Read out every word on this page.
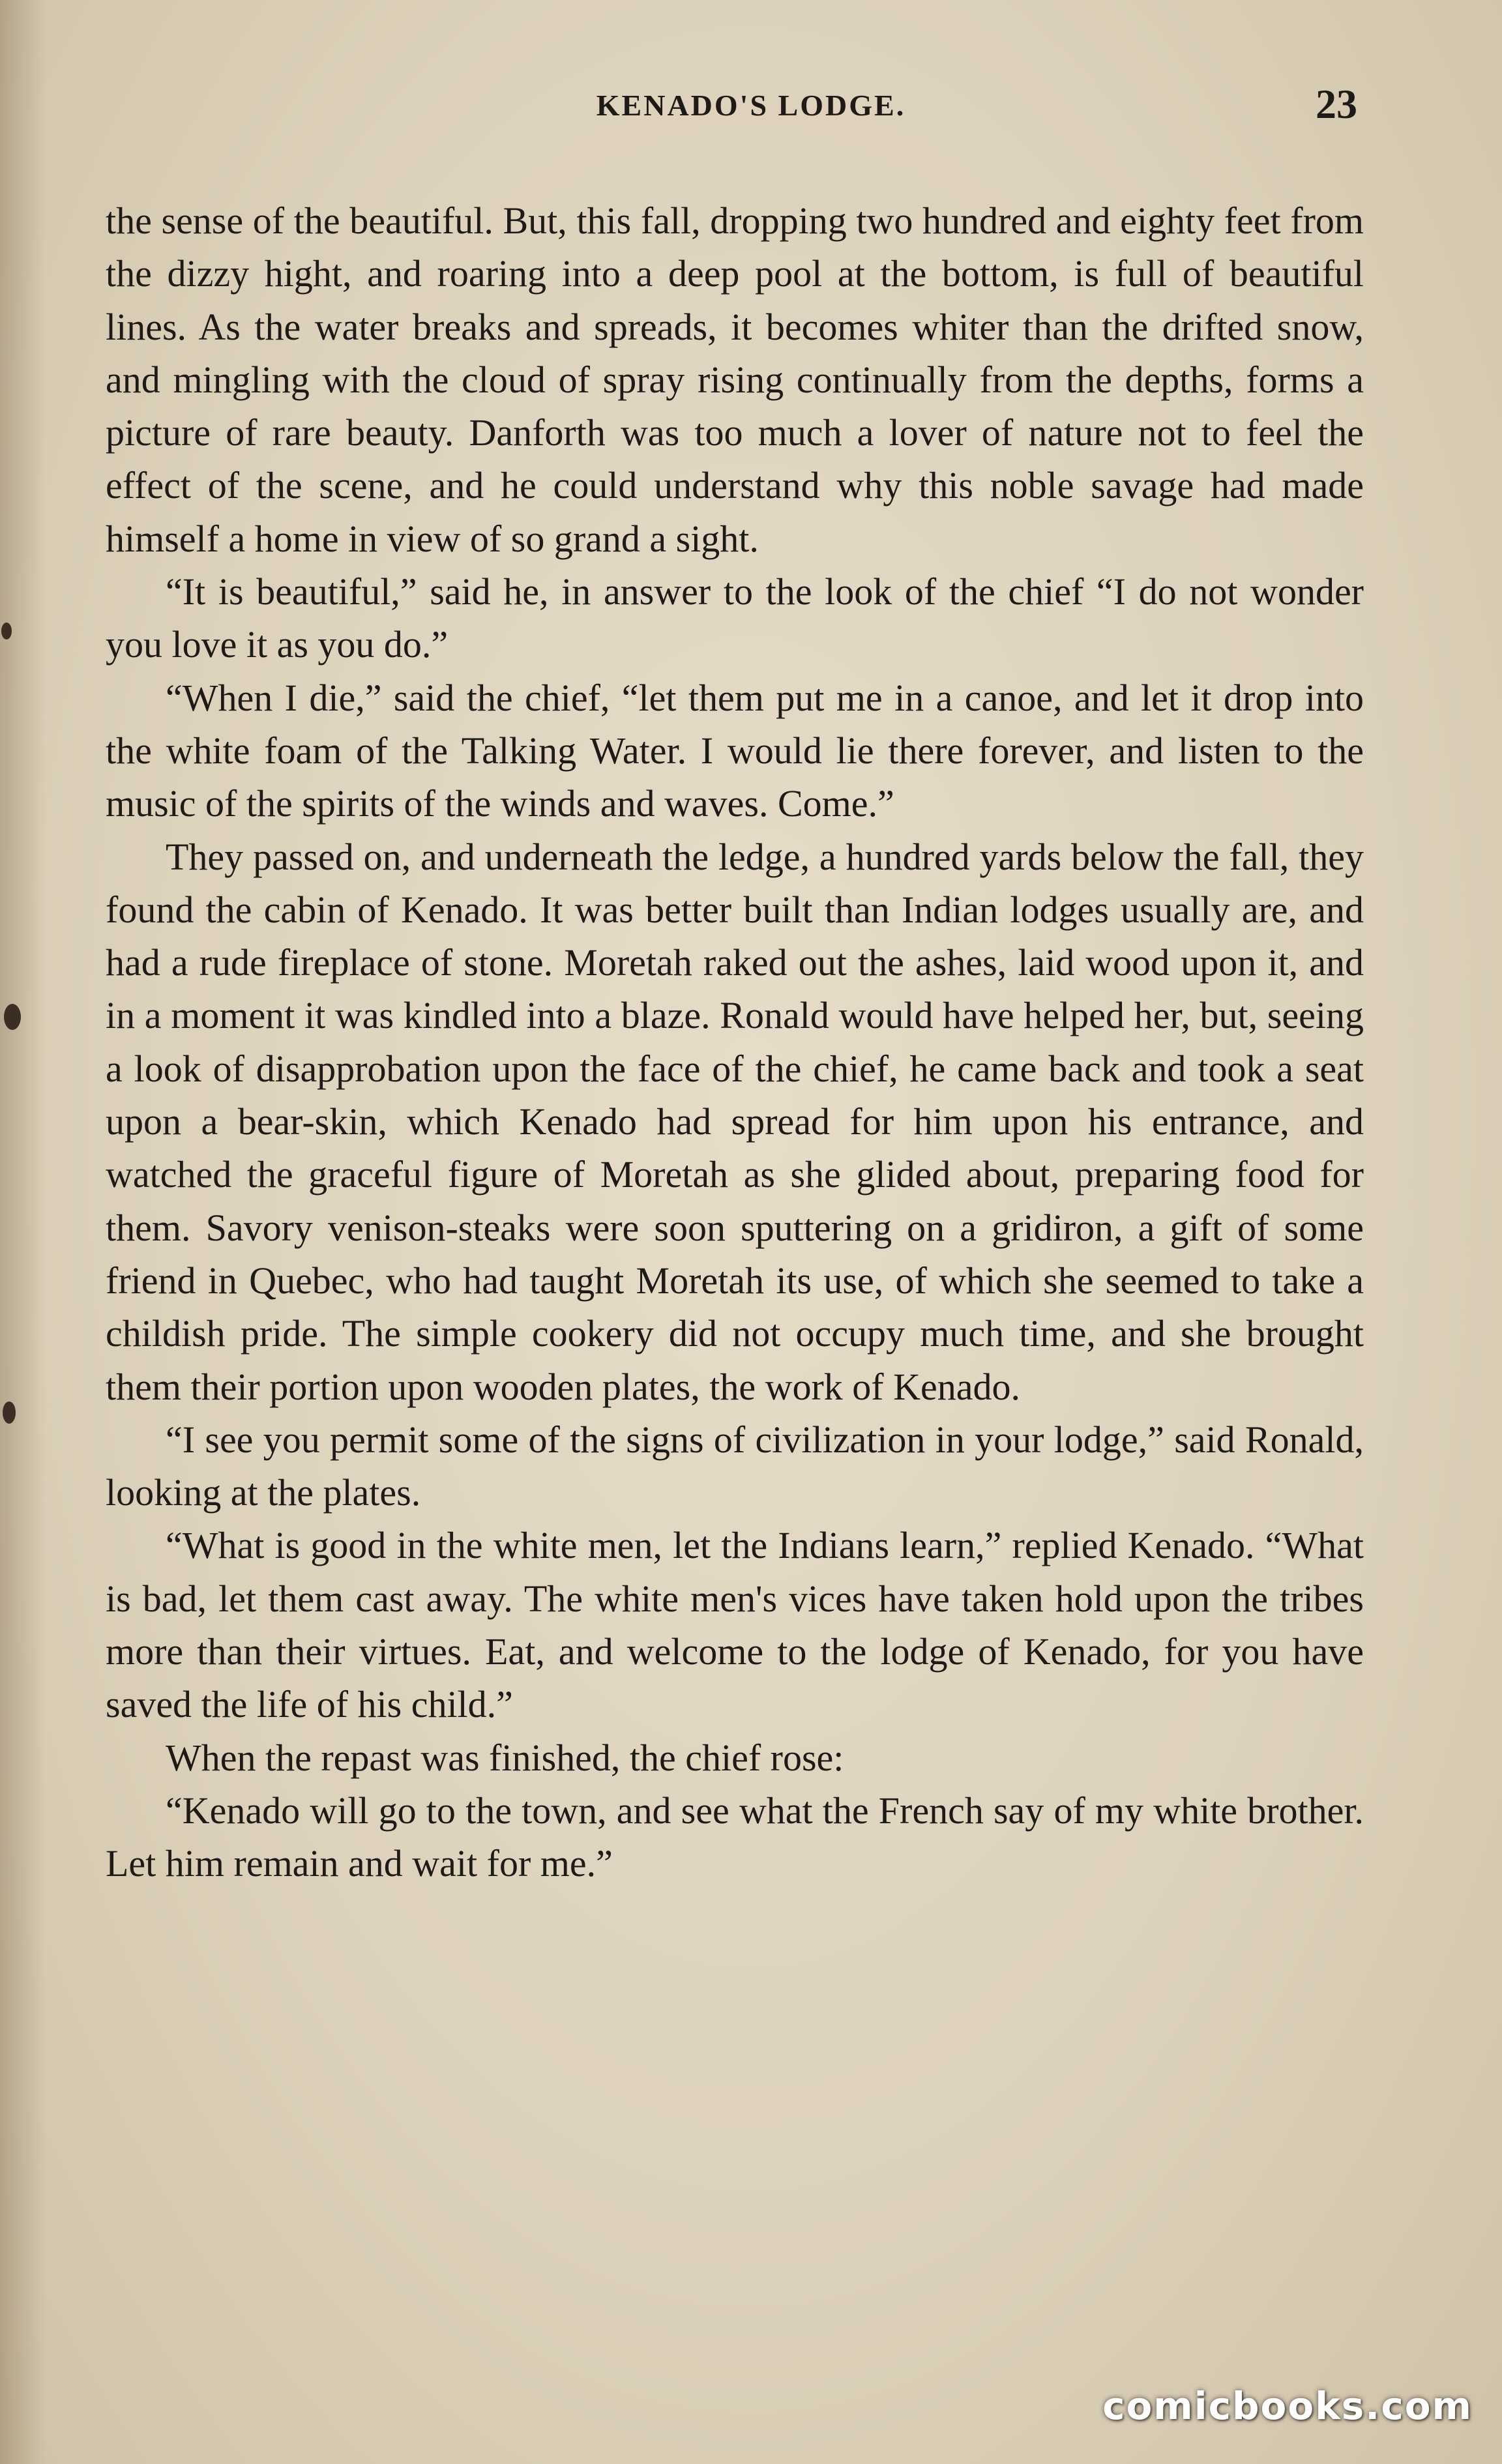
KENADO'S LODGE.	23

the sense of the beautiful. But, this fall, dropping two hundred and eighty feet from the dizzy hight, and roaring into a deep pool at the bottom, is full of beautiful lines. As the water breaks and spreads, it becomes whiter than the drifted snow, and mingling with the cloud of spray rising continually from the depths, forms a picture of rare beauty. Danforth was too much a lover of nature not to feel the effect of the scene, and he could understand why this noble savage had made himself a home in view of so grand a sight.

“It is beautiful,” said he, in answer to the look of the chief “I do not wonder you love it as you do.”

“When I die,” said the chief, “let them put me in a canoe, and let it drop into the white foam of the Talking Water. I would lie there forever, and listen to the music of the spirits of the winds and waves. Come.”

They passed on, and underneath the ledge, a hundred yards below the fall, they found the cabin of Kenado. It was better built than Indian lodges usually are, and had a rude fireplace of stone. Moretah raked out the ashes, laid wood upon it, and in a moment it was kindled into a blaze. Ronald would have helped her, but, seeing a look of disapprobation upon the face of the chief, he came back and took a seat upon a bear-skin, which Kenado had spread for him upon his entrance, and watched the graceful figure of Moretah as she glided about, preparing food for them. Savory venison-steaks were soon sputtering on a gridiron, a gift of some friend in Quebec, who had taught Moretah its use, of which she seemed to take a childish pride. The simple cookery did not occupy much time, and she brought them their portion upon wooden plates, the work of Kenado.

“I see you permit some of the signs of civilization in your lodge,” said Ronald, looking at the plates.

“What is good in the white men, let the Indians learn,” replied Kenado. “What is bad, let them cast away. The white men's vices have taken hold upon the tribes more than their virtues. Eat, and welcome to the lodge of Kenado, for you have saved the life of his child.”

When the repast was finished, the chief rose:

“Kenado will go to the town, and see what the French say of my white brother. Let him remain and wait for me.”

comicbooks.com
